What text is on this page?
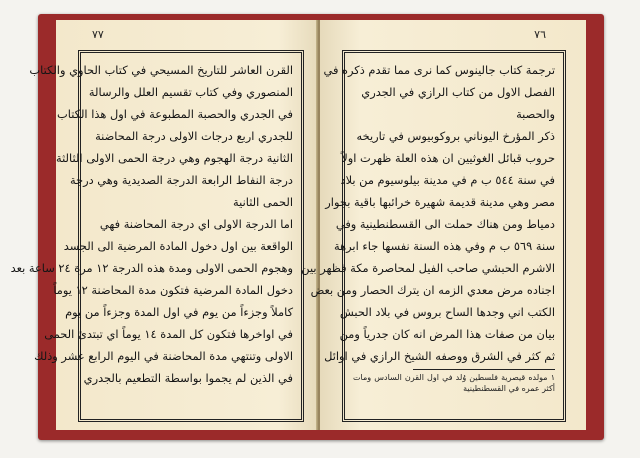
٧٧
القرن العاشر للتاريخ المسيحي في كتاب الحاوي والكتاب
المنصوري وفي كتاب تقسيم العلل والرسالة
في الجدري والحصبة المطبوعة في اول هذا الكتاب
للجدري اربع درجات الاولى درجة المحاضنة
الثانية درجة الهجوم وهي درجة الحمى الاولى الثالثة
درجة النفاط الرابعة الدرجة الصديدية وهي درجة
الحمى الثانية
اما الدرجة الاولى اي درجة المحاضنة فهي
الواقعة بين اول دخول المادة المرضية الى الجسد
وهجوم الحمى الاولى ومدة هذه الدرجة ١٢ مرة ٢٤ ساعة بعد
دخول المادة المرضية فتكون مدة المحاضنة ١٢ يوماً
كاملاً وجزءاً من يوم في اول المدة وجزءاً من يوم
في اواخرها فتكون كل المدة ١٤ يوماً اي تبتدئ الحمى
الاولى وتنتهي مدة المحاضنة في اليوم الرابع عشر وذلك
في الذين لم يجموا بواسطة التطعيم بالجدري
٧٦
ترجمة كتاب جالينوس كما نرى مما تقدم ذكره في
الفصل الاول من كتاب الرازي في الجدري
والحصبة
ذكر المؤرخ اليوناني بروكوبيوس في تاريخه
حروب قبائل الغوثيين ان هذه العلة ظهرت اولاً
في سنة ٥٤٤ ب م في مدينة بيلوسيوم من بلاد
مصر وهي مدينة قديمة شهيرة خرائبها باقية بجوار
دمياط ومن هناك حملت الى القسطنطينية وفي
سنة ٥٦٩ ب م وفي هذه السنة نفسها جاء ابرهة
الاشرم الحبشي صاحب الفيل لمحاصرة مكة فظهر بين
اجناده مرض معدي الزمه ان يترك الحصار ومن بعض
الكتب اني وجدها الساح بروس في بلاد الحبش
بيان من صفات هذا المرض انه كان جدرياً ومن
ثم كثر في الشرق ووصفه الشيخ الرازي في اوائل
١ مولده قيصرية فلسطين وُلد في اول القرن السادس ومات أكثر عمره في القسطنطينية
